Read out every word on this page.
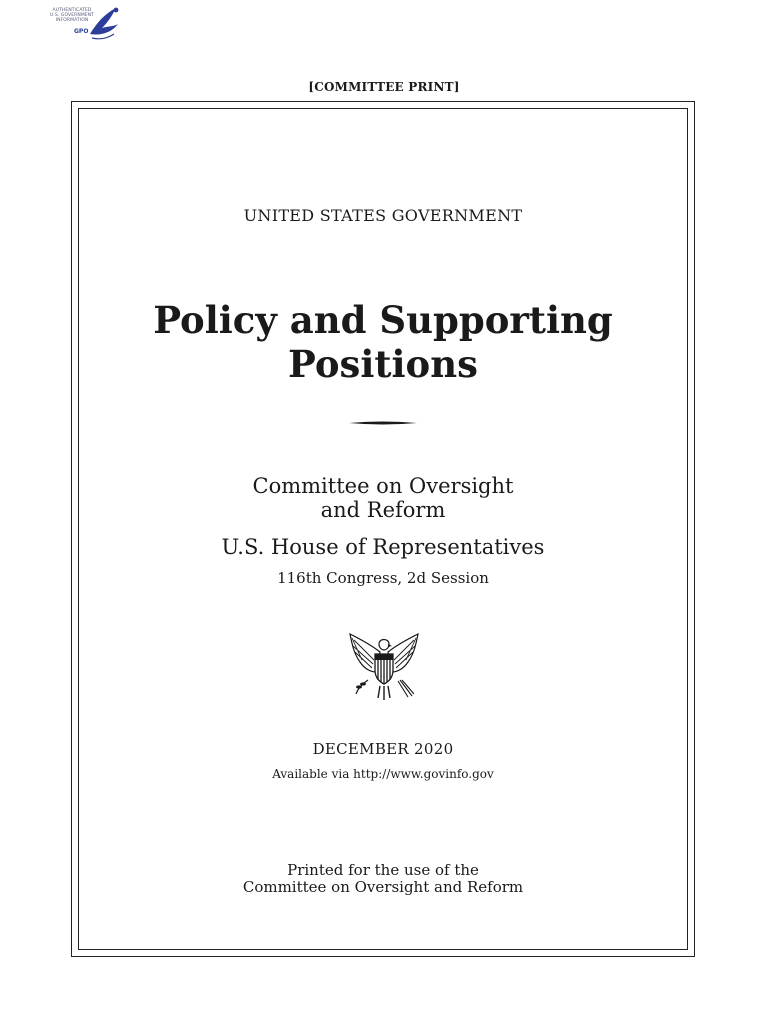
AUTHENTICATED
U.S. GOVERNMENT
INFORMATION
GPO
[COMMITTEE PRINT]
UNITED STATES GOVERNMENT
Policy and Supporting
Positions
Committee on Oversight
and Reform
U.S. House of Representatives
116th Congress, 2d Session
DECEMBER 2020
Available via http://www.govinfo.gov
Printed for the use of the
Committee on Oversight and Reform
